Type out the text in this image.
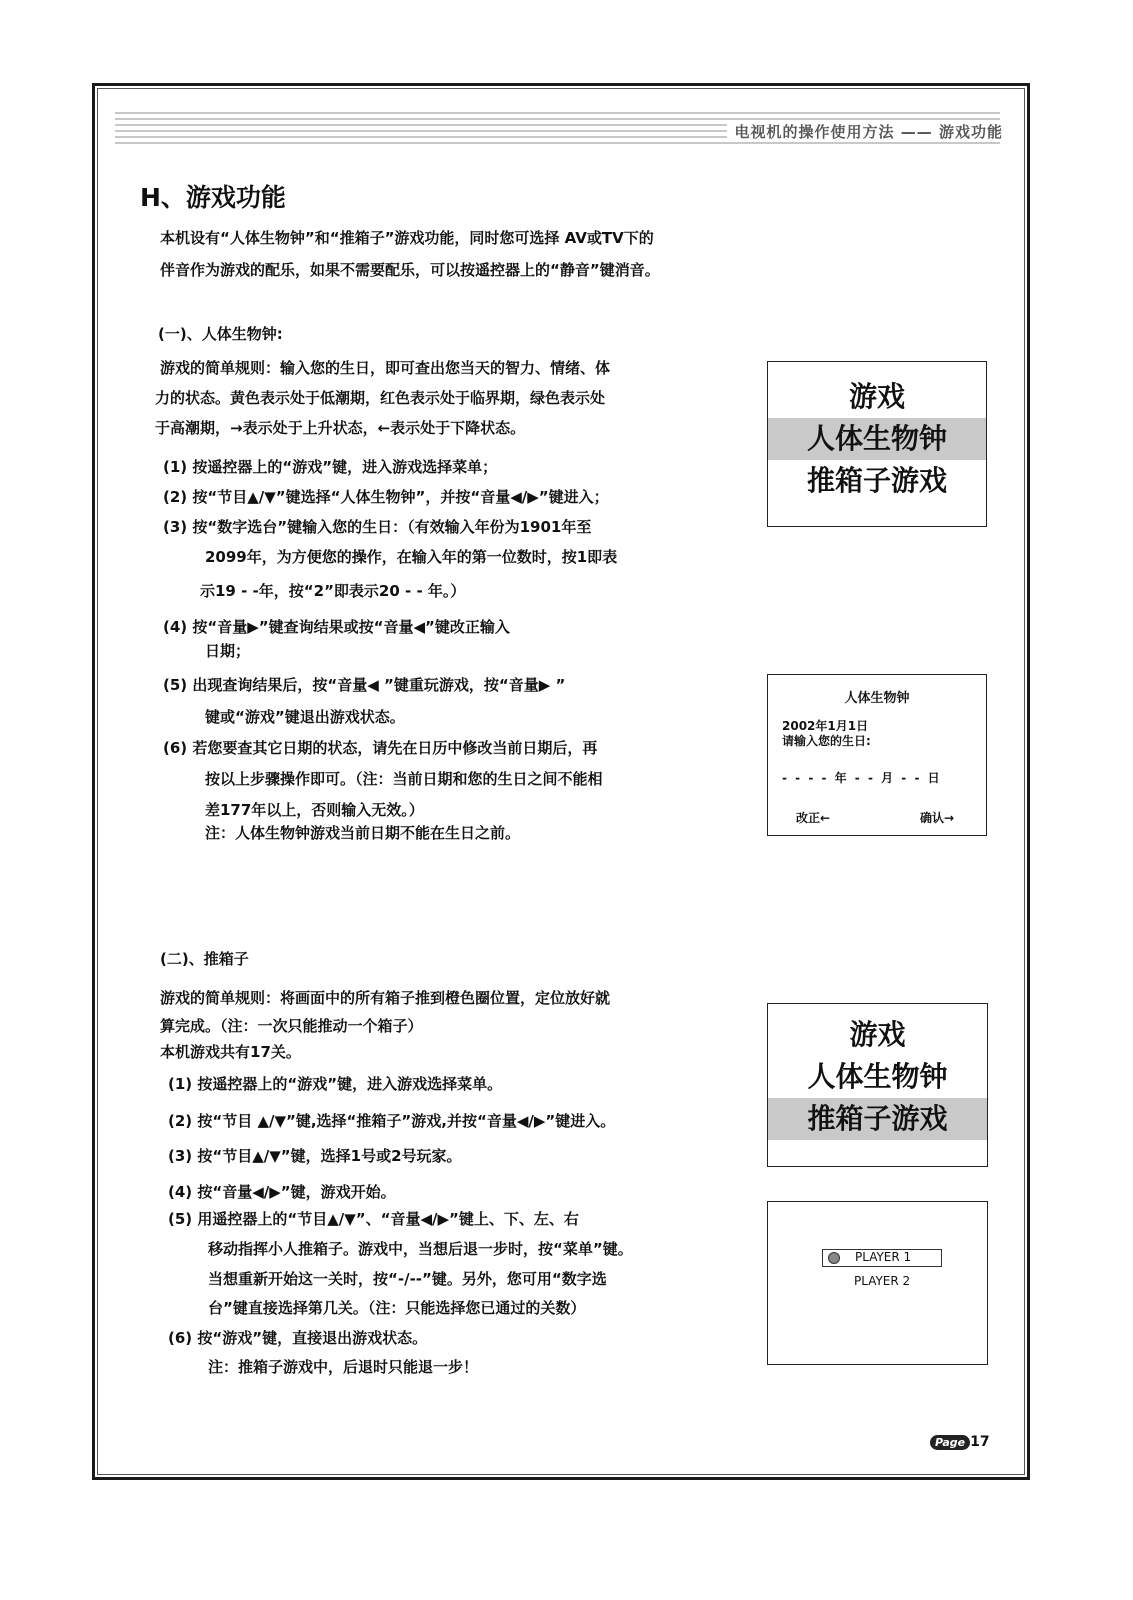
电视机的操作使用方法 —— 游戏功能
H、游戏功能
本机设有“人体生物钟”和“推箱子”游戏功能，同时您可选择 AV或TV下的
伴音作为游戏的配乐，如果不需要配乐，可以按遥控器上的“静音”键消音。
(一)、人体生物钟:
游戏的简单规则：输入您的生日，即可查出您当天的智力、情绪、体
力的状态。黄色表示处于低潮期，红色表示处于临界期，绿色表示处
于高潮期，→表示处于上升状态，←表示处于下降状态。
(1) 按遥控器上的“游戏”键，进入游戏选择菜单；
(2) 按“节目▲/▼”键选择“人体生物钟”，并按“音量◀/▶”键进入；
(3) 按“数字选台”键输入您的生日：（有效输入年份为1901年至
2099年，为方便您的操作，在输入年的第一位数时，按1即表
示19 - -年，按“2”即表示20 - - 年。）
(4) 按“音量▶”键查询结果或按“音量◀”键改正输入
日期；
(5) 出现查询结果后，按“音量◀ ”键重玩游戏，按“音量▶ ”
键或“游戏”键退出游戏状态。
(6) 若您要查其它日期的状态，请先在日历中修改当前日期后，再
按以上步骤操作即可。（注：当前日期和您的生日之间不能相
差177年以上，否则输入无效。）
注：人体生物钟游戏当前日期不能在生日之前。
游戏
人体生物钟
推箱子游戏
人体生物钟
2002年1月1日
请输入您的生日:
- - - - 年 - - 月 - - 日
改正←	确认→
(二)、推箱子
游戏的简单规则：将画面中的所有箱子推到橙色圈位置，定位放好就
算完成。（注：一次只能推动一个箱子）
本机游戏共有17关。
(1) 按遥控器上的“游戏”键，进入游戏选择菜单。
(2) 按“节目 ▲/▼”键,选择“推箱子”游戏,并按“音量◀/▶”键进入。
(3) 按“节目▲/▼”键，选择1号或2号玩家。
(4) 按“音量◀/▶”键，游戏开始。
(5) 用遥控器上的“节目▲/▼”、“音量◀/▶”键上、下、左、右
移动指挥小人推箱子。游戏中，当想后退一步时，按“菜单”键。
当想重新开始这一关时，按“-/--”键。另外，您可用“数字选
台”键直接选择第几关。（注：只能选择您已通过的关数）
(6) 按“游戏”键，直接退出游戏状态。
注：推箱子游戏中，后退时只能退一步！
游戏
人体生物钟
推箱子游戏
PLAYER 1
PLAYER 2
Page 17
